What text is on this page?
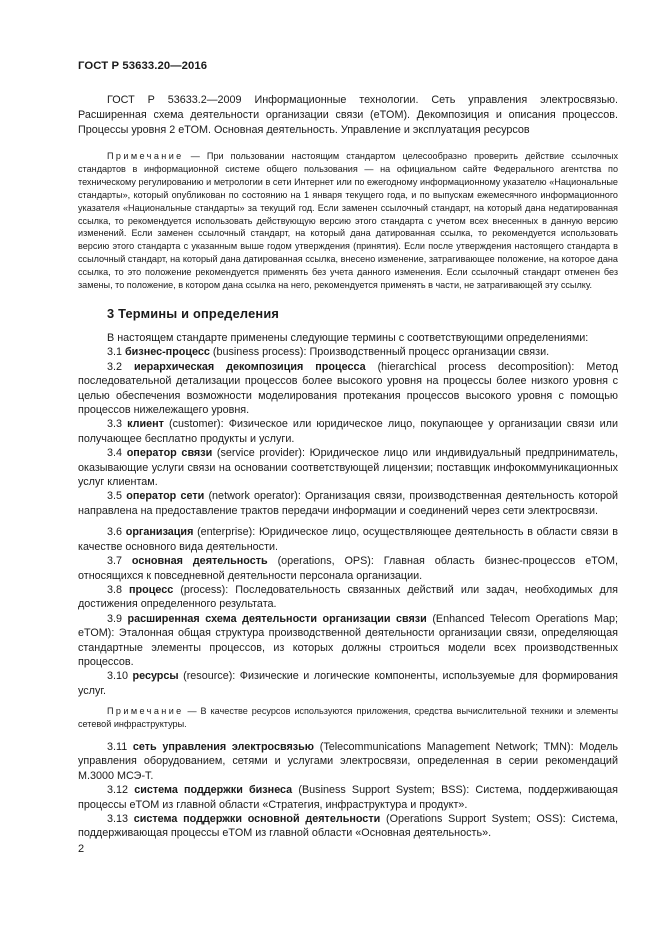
ГОСТ Р 53633.20—2016
ГОСТ Р 53633.2—2009 Информационные технологии. Сеть управления электросвязью. Расширенная схема деятельности организации связи (eTOM). Декомпозиция и описания процессов. Процессы уровня 2 eTOM. Основная деятельность. Управление и эксплуатация ресурсов
Примечание — При пользовании настоящим стандартом целесообразно проверить действие ссылочных стандартов в информационной системе общего пользования — на официальном сайте Федерального агентства по техническому регулированию и метрологии в сети Интернет или по ежегодному информационному указателю «Национальные стандарты», который опубликован по состоянию на 1 января текущего года, и по выпускам ежемесячного информационного указателя «Национальные стандарты» за текущий год. Если заменен ссылочный стандарт, на который дана недатированная ссылка, то рекомендуется использовать действующую версию этого стандарта с учетом всех внесенных в данную версию изменений. Если заменен ссылочный стандарт, на который дана датированная ссылка, то рекомендуется использовать версию этого стандарта с указанным выше годом утверждения (принятия). Если после утверждения настоящего стандарта в ссылочный стандарт, на который дана датированная ссылка, внесено изменение, затрагивающее положение, на которое дана ссылка, то это положение рекомендуется применять без учета данного изменения. Если ссылочный стандарт отменен без замены, то положение, в котором дана ссылка на него, рекомендуется применять в части, не затрагивающей эту ссылку.
3 Термины и определения

В настоящем стандарте применены следующие термины с соответствующими определениями:

3.1 бизнес-процесс (business process): Производственный процесс организации связи.

3.2 иерархическая декомпозиция процесса (hierarchical process decomposition): Метод последовательной детализации процессов более высокого уровня на процессы более низкого уровня с целью обеспечения возможности моделирования протекания процессов высокого уровня с помощью процессов нижележащего уровня.

3.3 клиент (customer): Физическое или юридическое лицо, покупающее у организации связи или получающее бесплатно продукты и услуги.

3.4 оператор связи (service provider): Юридическое лицо или индивидуальный предприниматель, оказывающие услуги связи на основании соответствующей лицензии; поставщик инфокоммуникационных услуг клиентам.

3.5 оператор сети (network operator): Организация связи, производственная деятельность которой направлена на предоставление трактов передачи информации и соединений через сети электросвязи.

3.6 организация (enterprise): Юридическое лицо, осуществляющее деятельность в области связи в качестве основного вида деятельности.

3.7 основная деятельность (operations, OPS): Главная область бизнес-процессов eTOM, относящихся к повседневной деятельности персонала организации.

3.8 процесс (process): Последовательность связанных действий или задач, необходимых для достижения определенного результата.

3.9 расширенная схема деятельности организации связи (Enhanced Telecom Operations Map; eTOM): Эталонная общая структура производственной деятельности организации связи, определяющая стандартные элементы процессов, из которых должны строиться модели всех производственных процессов.

3.10 ресурсы (resource): Физические и логические компоненты, используемые для формирования услуг.

Примечание — В качестве ресурсов используются приложения, средства вычислительной техники и элементы сетевой инфраструктуры.

3.11 сеть управления электросвязью (Telecommunications Management Network; TMN): Модель управления оборудованием, сетями и услугами электросвязи, определенная в серии рекомендаций М.3000 МСЭ-Т.

3.12 система поддержки бизнеса (Business Support System; BSS): Система, поддерживающая процессы eTOM из главной области «Стратегия, инфраструктура и продукт».

3.13 система поддержки основной деятельности (Operations Support System; OSS): Система, поддерживающая процессы eTOM из главной области «Основная деятельность».

2
